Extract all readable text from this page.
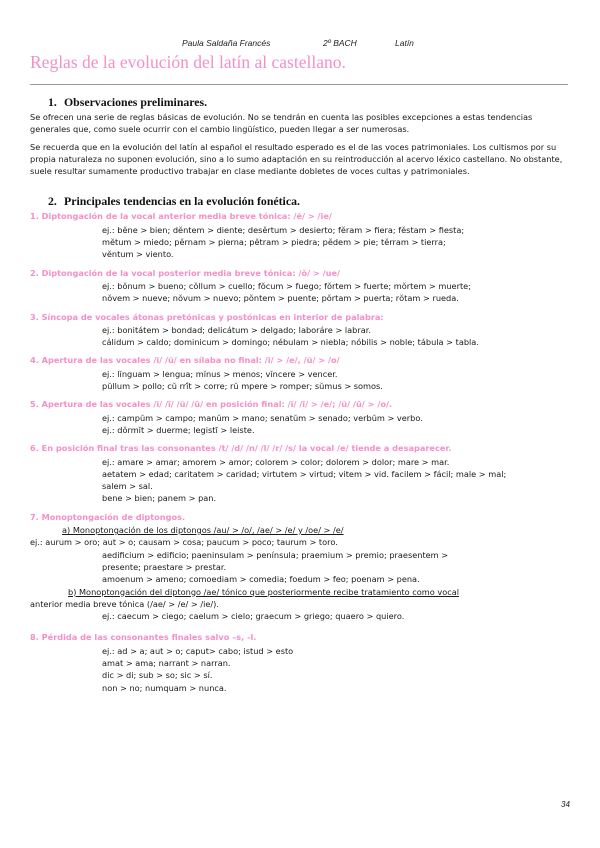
Paula Saldaña Francés	2º BACH	Latín
Reglas de la evolución del latín al castellano.
1. Observaciones preliminares.

Se ofrecen una serie de reglas básicas de evolución. No se tendrán en cuenta las posibles excepciones a estas tendencias generales que, como suele ocurrir con el cambio lingüístico, pueden llegar a ser numerosas.

Se recuerda que en la evolución del latín al español el resultado esperado es el de las voces patrimoniales. Los cultismos por su propia naturaleza no suponen evolución, sino a lo sumo adaptación en su reintroducción al acervo léxico castellano. No obstante, suele resultar sumamente productivo trabajar en clase mediante dobletes de voces cultas y patrimoniales.

2. Principales tendencias en la evolución fonética.
1. Diptongación de la vocal anterior media breve tónica: /ĕ/ > /ie/
ej.: bĕne > bien; dĕntem > diente; desĕrtum > desierto; fĕram > fiera; fĕstam > fiesta;
mĕtum > miedo; pĕrnam > pierna; pĕtram > piedra; pĕdem > pie; tĕrram > tierra;
vĕntum > viento.
2. Diptongación de la vocal posterior media breve tónica: /ŏ/ > /ue/
ej.: bŏnum > bueno; cŏllum > cuello; fŏcum > fuego; fŏrtem > fuerte; mŏrtem > muerte;
nŏvem > nueve; nŏvum > nuevo; pŏntem > puente; pŏrtam > puerta; rŏtam > rueda.
3. Síncopa de vocales átonas pretónicas y postónicas en interior de palabra:
ej.: bonitátem > bondad; delicátum > delgado; laboráre > labrar.
cálidum > caldo; dominicum > domingo; nébulam > niebla; nóbilis > noble; tábula > tabla.
4. Apertura de las vocales /ĭ/ /ŭ/ en sílaba no final: /ĭ/ > /e/, /ŭ/ > /o/
ej.: lĭnguam > lengua; mĭnus > menos; vĭncere > vencer.
pŭllum > pollo; cŭ rrĭ́t > corre; rŭ mpere > romper; sŭmus > somos.
5. Apertura de las vocales /ĭ/ /ī/ /ŭ/ /ū/ en posición final: /ĭ/ /ī/ > /e/; /ŭ/ /ū/ > /o/.
ej.: campŭm > campo; manŭm > mano; senatŭm > senado; verbŭm > verbo.
ej.: dŏrmĭt > duerme; legistī > leiste.
6. En posición final tras las consonantes /t/ /d/ /n/ /l/ /r/ /s/ la vocal /e/ tiende a desaparecer.
ej.: amare > amar; amorem > amor; colorem > color; dolorem > dolor; mare > mar.
aetatem > edad; caritatem > caridad; virtutem > virtud; vitem > vid. facilem > fácil; male > mal;
salem > sal.
bene > bien; panem > pan.
7. Monoptongación de diptongos.
a) Monoptongación de los diptongos /au/ > /o/, /ae/ > /e/ y /oe/ > /e/
ej.: aurum > oro; aut > o; causam > cosa; paucum > poco; taurum > toro.
aedificium > edificio; paeninsulam > península; praemium > premio; praesentem >
presente; praestare > prestar.
amoenum > ameno; comoediam > comedia; foedum > feo; poenam > pena.
b) Monoptongación del diptongo /ae/ tónico que posteriormente recibe tratamiento como vocal
anterior media breve tónica (/ae/ > /e/ > /ie/).
ej.: caecum > ciego; caelum > cielo; graecum > griego; quaero > quiero.
8. Pérdida de las consonantes finales salvo –s, -l.
ej.: ad > a; aut > o; caput> cabo; istud > esto
amat > ama; narrant > narran.
dic > di; sub > so; sic > sí.
non > no; numquam > nunca.
34
